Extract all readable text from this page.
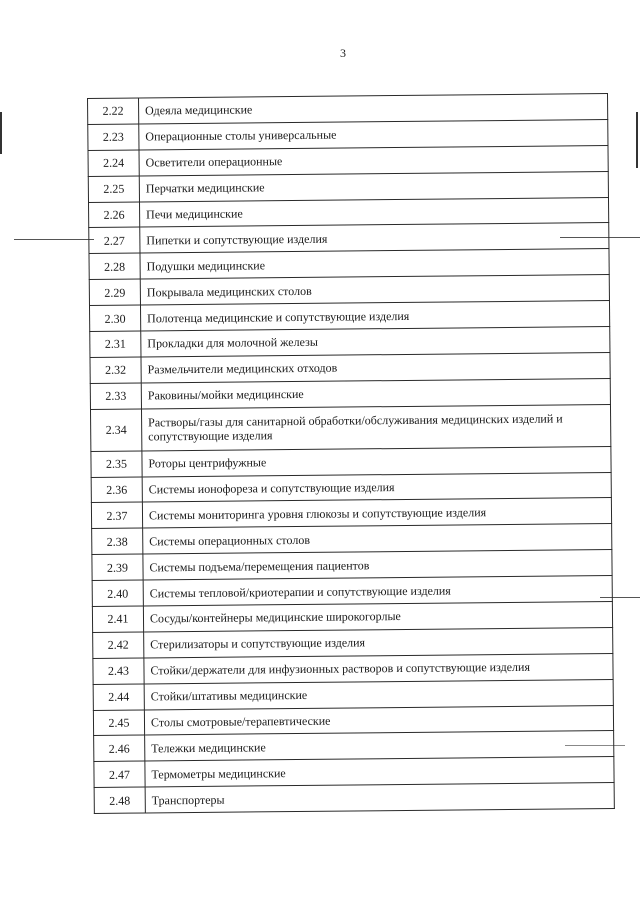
3
2.22	Одеяла медицинские
2.23	Операционные столы универсальные
2.24	Осветители операционные
2.25	Перчатки медицинские
2.26	Печи медицинские
2.27	Пипетки и сопутствующие изделия
2.28	Подушки медицинские
2.29	Покрывала медицинских столов
2.30	Полотенца медицинские и сопутствующие изделия
2.31	Прокладки для молочной железы
2.32	Размельчители медицинских отходов
2.33	Раковины/мойки медицинские
2.34	Растворы/газы для санитарной обработки/обслуживания медицинских изделий и сопутствующие изделия
2.35	Роторы центрифужные
2.36	Системы ионофореза и сопутствующие изделия
2.37	Системы мониторинга уровня глюкозы и сопутствующие изделия
2.38	Системы операционных столов
2.39	Системы подъема/перемещения пациентов
2.40	Системы тепловой/криотерапии и сопутствующие изделия
2.41	Сосуды/контейнеры медицинские широкогорлые
2.42	Стерилизаторы и сопутствующие изделия
2.43	Стойки/держатели для инфузионных растворов и сопутствующие изделия
2.44	Стойки/штативы медицинские
2.45	Столы смотровые/терапевтические
2.46	Тележки медицинские
2.47	Термометры медицинские
2.48	Транспортеры
